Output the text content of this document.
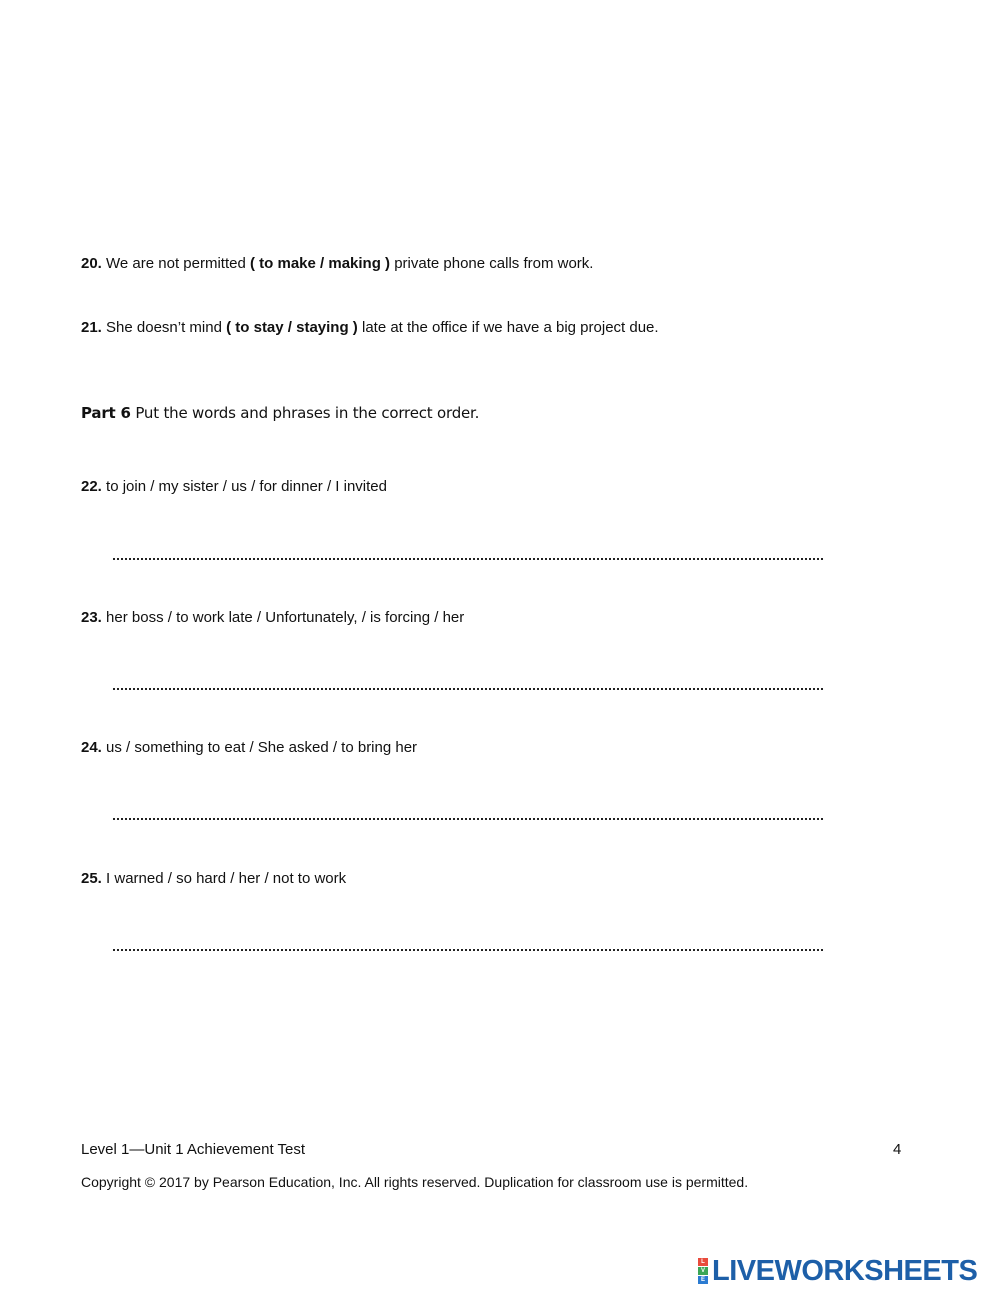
20. We are not permitted ( to make / making ) private phone calls from work.
21. She doesn’t mind ( to stay / staying ) late at the office if we have a big project due.
Part 6 Put the words and phrases in the correct order.
22. to join / my sister / us / for dinner / I invited
23. her boss / to work late / Unfortunately, / is forcing / her
24. us / something to eat / She asked / to bring her
25. I warned / so hard / her / not to work
Level 1—Unit 1 Achievement Test	4
Copyright © 2017 by Pearson Education, Inc. All rights reserved. Duplication for classroom use is permitted.
L
V
E LIVEWORKSHEETS
